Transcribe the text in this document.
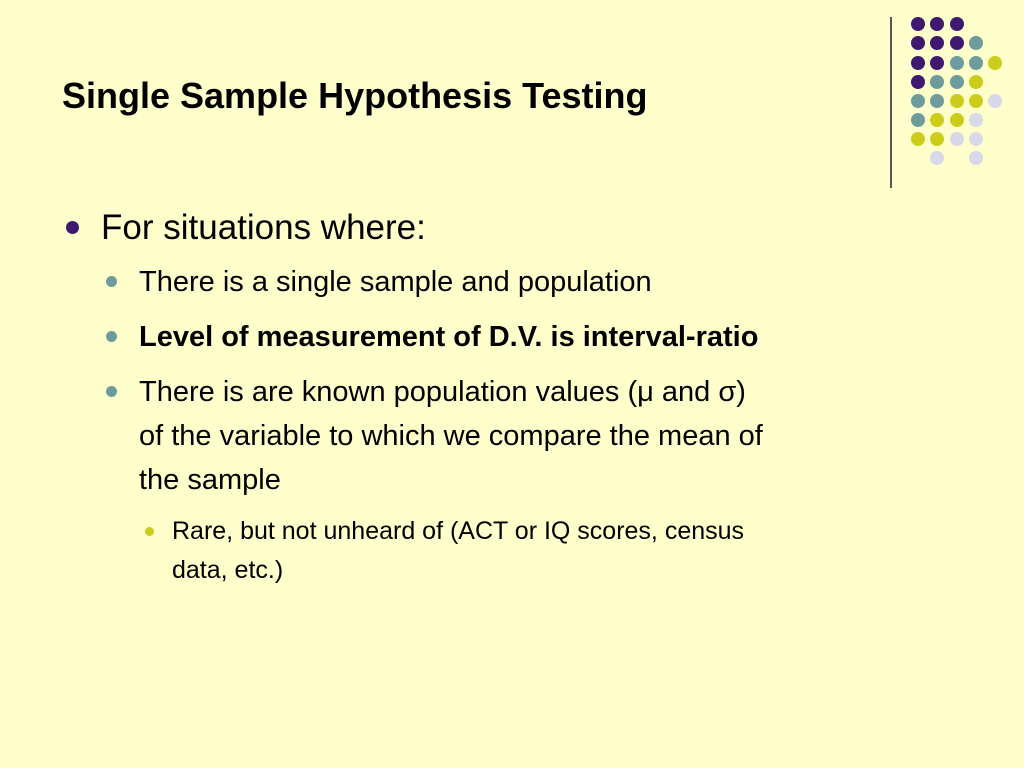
Single Sample Hypothesis Testing

For situations where:

There is a single sample and population

Level of measurement of D.V. is interval-ratio

There is are known population values (μ and σ)

of the variable to which we compare the mean of

the sample

Rare, but not unheard of (ACT or IQ scores, census

data, etc.)
